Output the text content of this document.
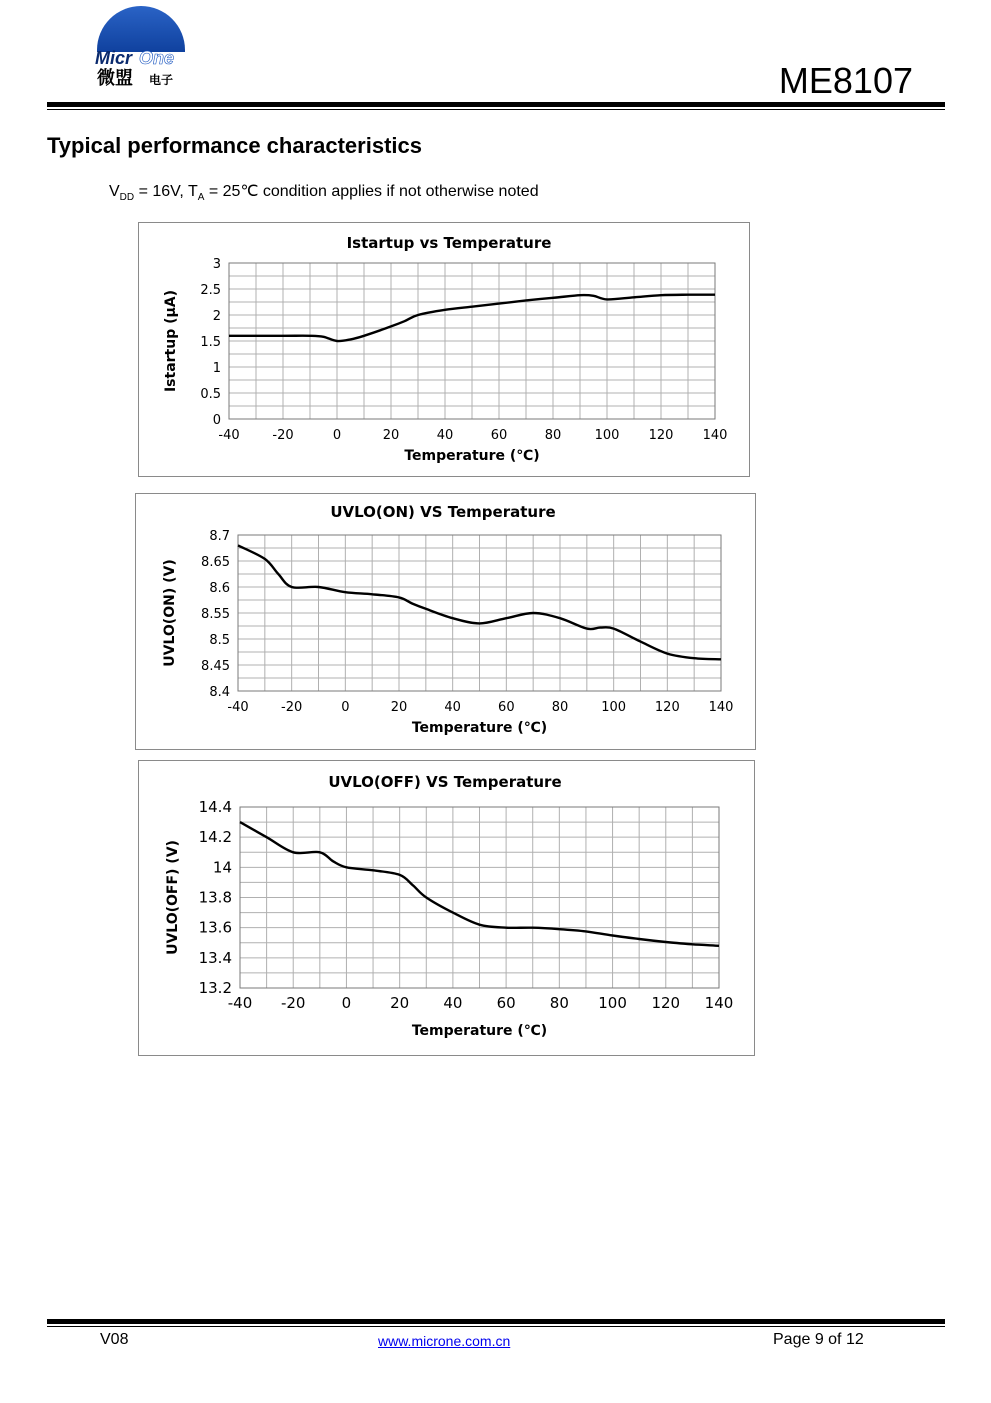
Micr One
微盟 电子	ME8107
Typical performance characteristics
$V_{DD} = 16V$, $T_A$ = 25℃ condition applies if not otherwise noted
-40	-20	0	20	40	60	80	100 120 140
0
0.5
1
1.5
2
2.5
3
Istartup vs Temperature
Temperature (℃)
Istartup (μA)
-40 -20	0	20	40	60	80	100 120 140
8.4
8.45
8.5
8.55
8.6
8.65
8.7
UVLO(ON) VS Temperature
Temperature (℃)
UVLO(ON) (V)
-40 -20 0	20 40 60 80 100 120 140
13.2
13.4
13.6
13.8
14
14.2
14.4
UVLO(OFF) VS Temperature
Temperature (℃)
UVLO(OFF) (V)
V08	www.microne.com.cn	Page 9 of 12
